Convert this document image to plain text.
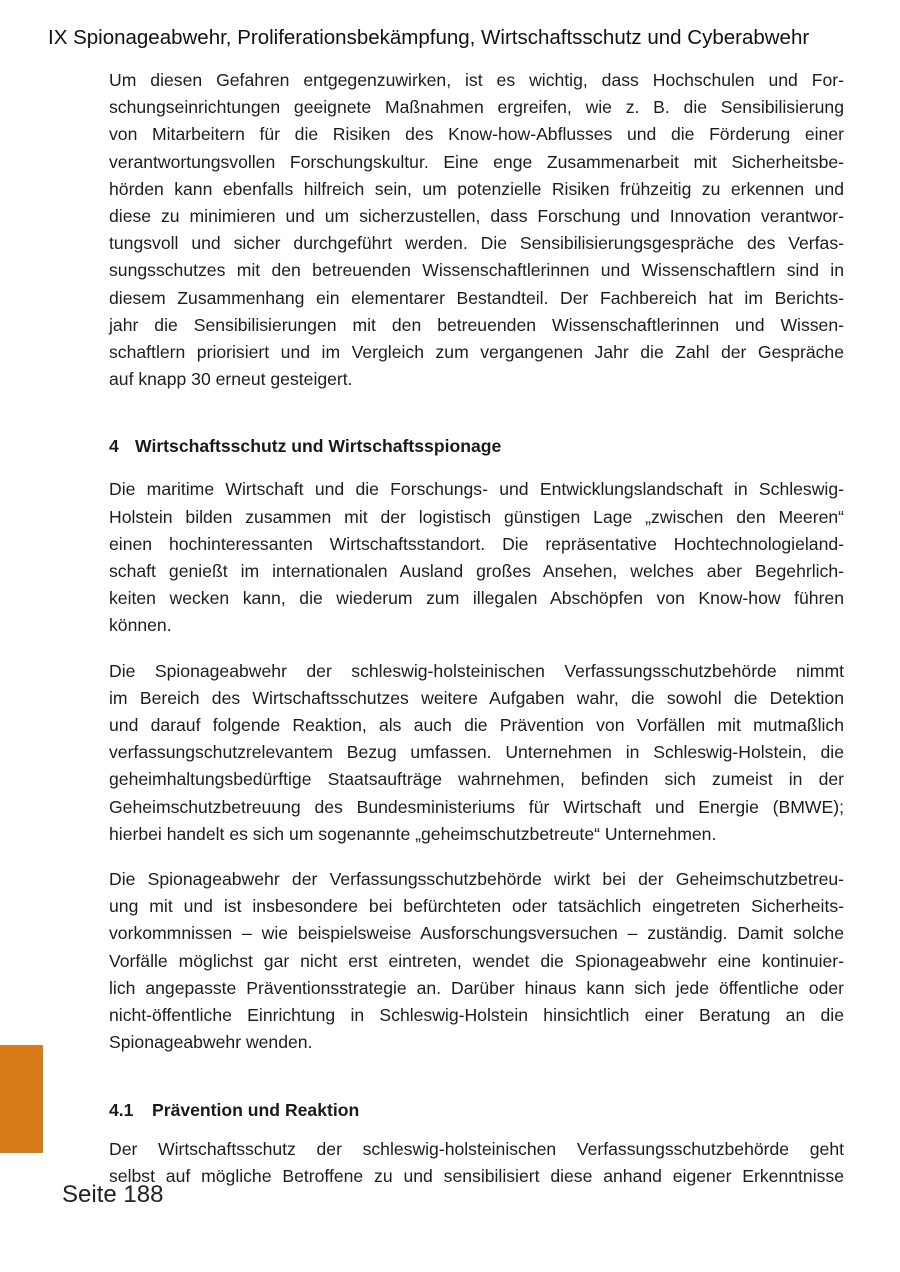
IX Spionageabwehr, Proliferationsbekämpfung, Wirtschaftsschutz und Cyberabwehr
Um diesen Gefahren entgegenzuwirken, ist es wichtig, dass Hochschulen und For-
schungseinrichtungen geeignete Maßnahmen ergreifen, wie z. B. die Sensibilisierung
von Mitarbeitern für die Risiken des Know-how-Abflusses und die Förderung einer
verantwortungsvollen Forschungskultur. Eine enge Zusammenarbeit mit Sicherheitsbe-
hörden kann ebenfalls hilfreich sein, um potenzielle Risiken frühzeitig zu erkennen und
diese zu minimieren und um sicherzustellen, dass Forschung und Innovation verantwor-
tungsvoll und sicher durchgeführt werden. Die Sensibilisierungsgespräche des Verfas-
sungsschutzes mit den betreuenden Wissenschaftlerinnen und Wissenschaftlern sind in
diesem Zusammenhang ein elementarer Bestandteil. Der Fachbereich hat im Berichts-
jahr die Sensibilisierungen mit den betreuenden Wissenschaftlerinnen und Wissen-
schaftlern priorisiert und im Vergleich zum vergangenen Jahr die Zahl der Gespräche
auf knapp 30 erneut gesteigert.
4 Wirtschaftsschutz und Wirtschaftsspionage
Die maritime Wirtschaft und die Forschungs- und Entwicklungslandschaft in Schleswig-
Holstein bilden zusammen mit der logistisch günstigen Lage „zwischen den Meeren“
einen hochinteressanten Wirtschaftsstandort. Die repräsentative Hochtechnologieland-
schaft genießt im internationalen Ausland großes Ansehen, welches aber Begehrlich-
keiten wecken kann, die wiederum zum illegalen Abschöpfen von Know-how führen
können.
Die Spionageabwehr der schleswig-holsteinischen Verfassungsschutzbehörde nimmt
im Bereich des Wirtschaftsschutzes weitere Aufgaben wahr, die sowohl die Detektion
und darauf folgende Reaktion, als auch die Prävention von Vorfällen mit mutmaßlich
verfassungschutzrelevantem Bezug umfassen. Unternehmen in Schleswig-Holstein, die
geheimhaltungsbedürftige Staatsaufträge wahrnehmen, befinden sich zumeist in der
Geheimschutzbetreuung des Bundesministeriums für Wirtschaft und Energie (BMWE);
hierbei handelt es sich um sogenannte „geheimschutzbetreute“ Unternehmen.
Die Spionageabwehr der Verfassungsschutzbehörde wirkt bei der Geheimschutzbetreu-
ung mit und ist insbesondere bei befürchteten oder tatsächlich eingetreten Sicherheits-
vorkommnissen – wie beispielsweise Ausforschungsversuchen – zuständig. Damit solche
Vorfälle möglichst gar nicht erst eintreten, wendet die Spionageabwehr eine kontinuier-
lich angepasste Präventionsstrategie an. Darüber hinaus kann sich jede öffentliche oder
nicht-öffentliche Einrichtung in Schleswig-Holstein hinsichtlich einer Beratung an die
Spionageabwehr wenden.
4.1 Prävention und Reaktion
Der Wirtschaftsschutz der schleswig-holsteinischen Verfassungsschutzbehörde geht
selbst auf mögliche Betroffene zu und sensibilisiert diese anhand eigener Erkenntnisse
Seite 188
